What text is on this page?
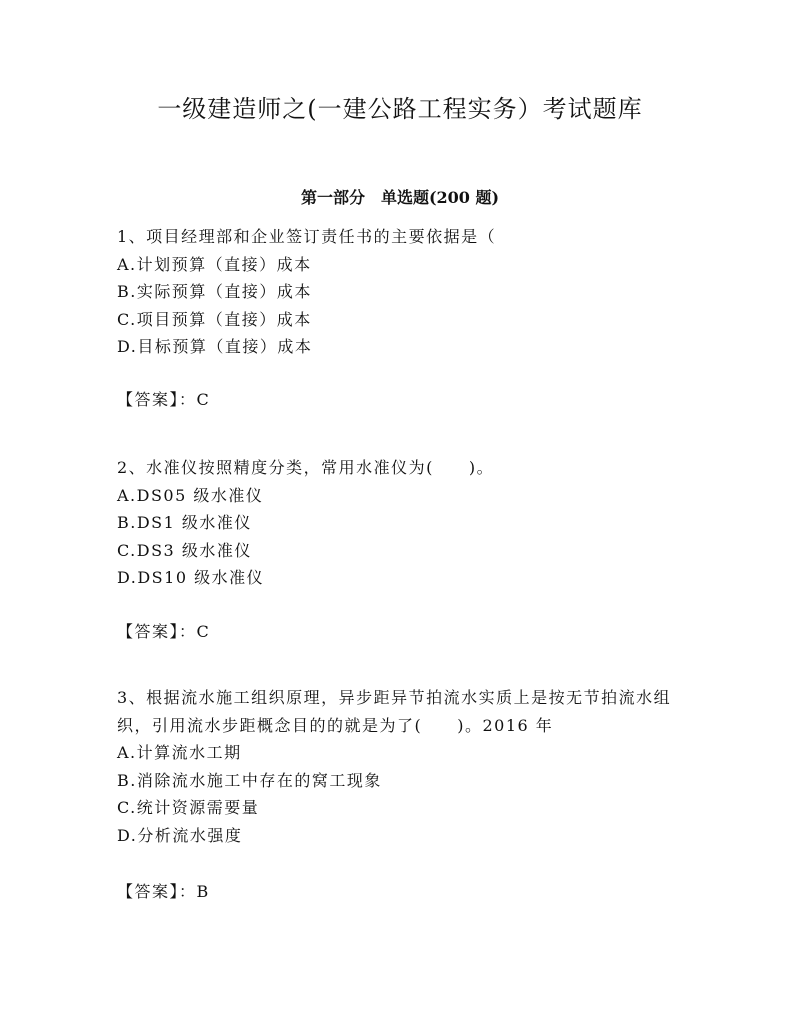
一级建造师之(一建公路工程实务）考试题库
第一部分　单选题(200 题)

1、项目经理部和企业签订责任书的主要依据是（

A.计划预算（直接）成本

B.实际预算（直接）成本

C.项目预算（直接）成本

D.目标预算（直接）成本

【答案】：C

2、水准仪按照精度分类，常用水准仪为(　　)。

A.DS05 级水准仪

B.DS1 级水准仪

C.DS3 级水准仪

D.DS10 级水准仪

【答案】：C

3、根据流水施工组织原理，异步距异节拍流水实质上是按无节拍流水组织，引用流水步距概念目的的就是为了(　　)。2016 年

A.计算流水工期

B.消除流水施工中存在的窝工现象

C.统计资源需要量

D.分析流水强度

【答案】：B
